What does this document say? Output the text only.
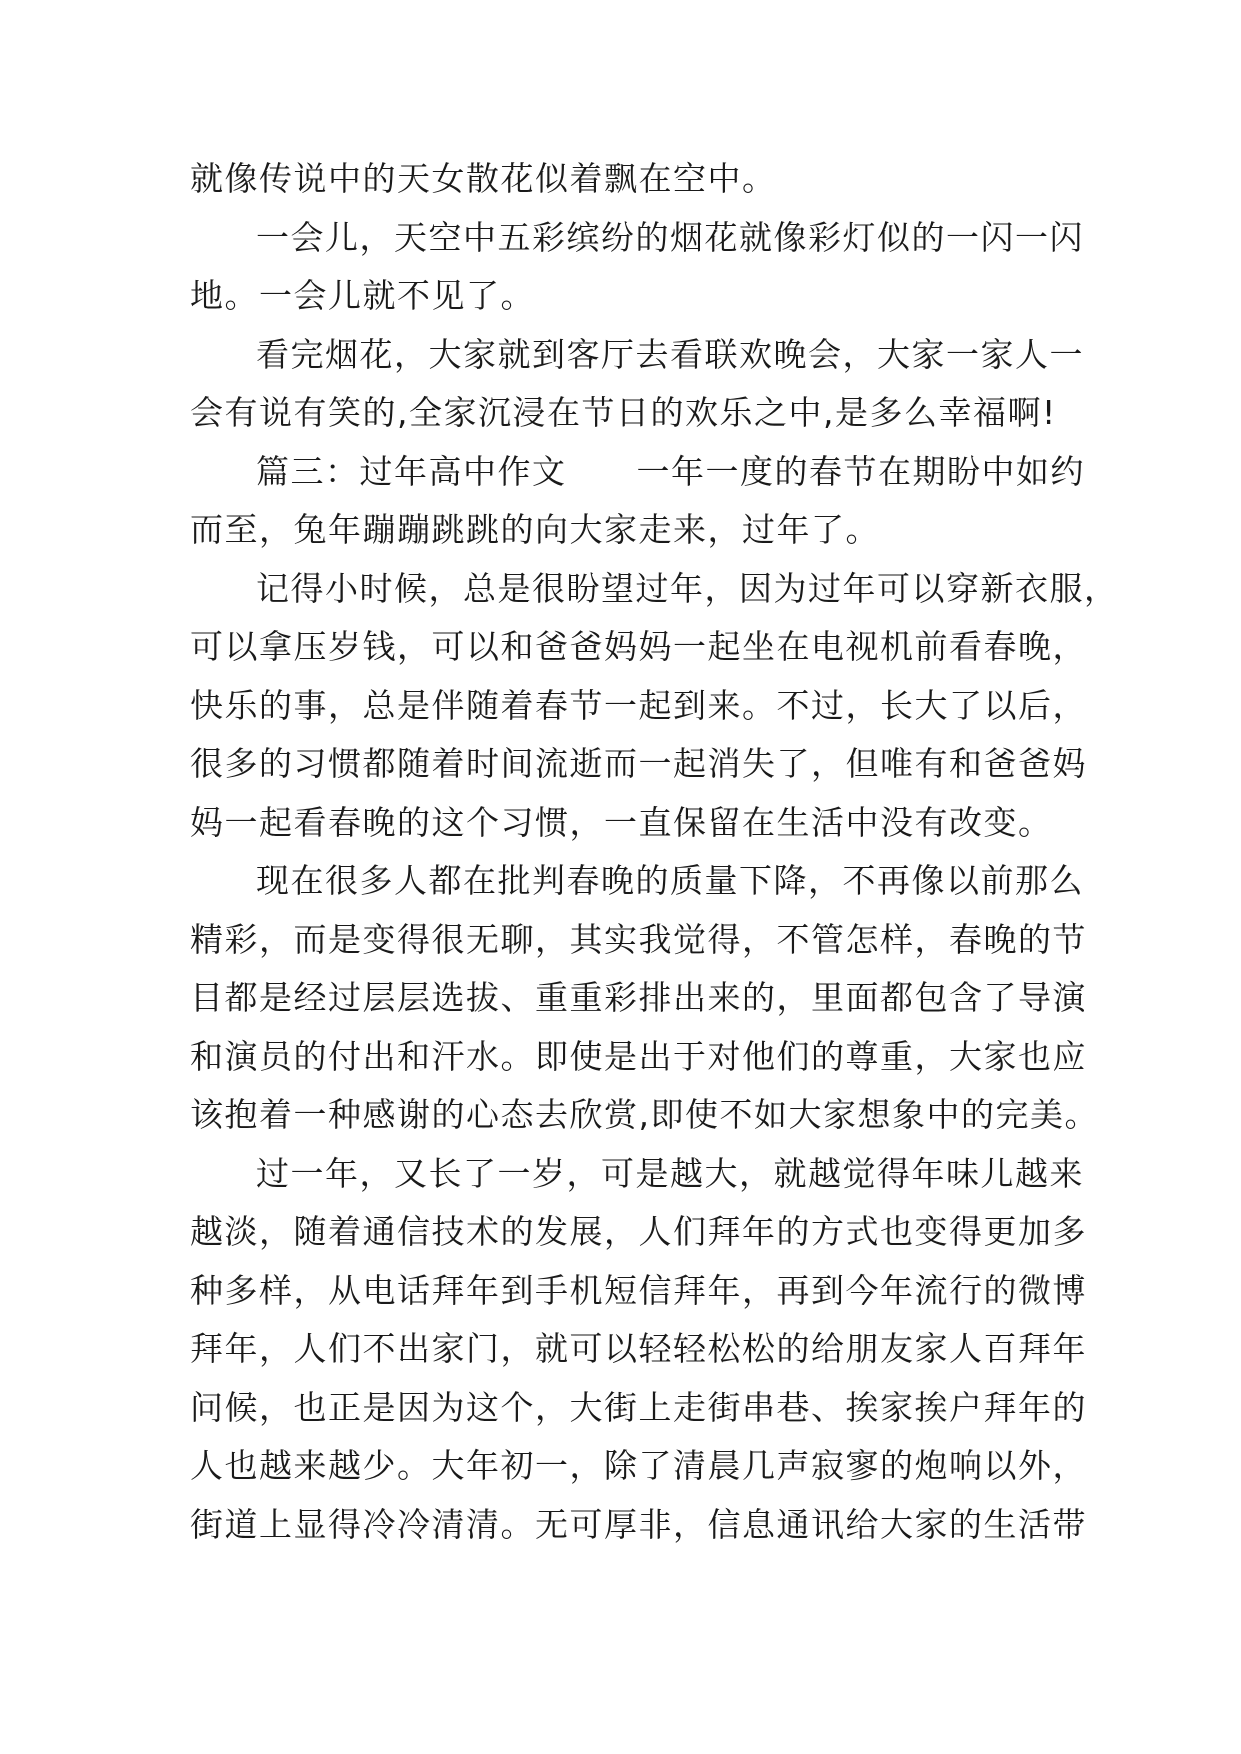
就像传说中的天女散花似着飘在空中。
一会儿，天空中五彩缤纷的烟花就像彩灯似的一闪一闪
地。一会儿就不见了。
看完烟花，大家就到客厅去看联欢晚会，大家一家人一
会有说有笑的,全家沉浸在节日的欢乐之中,是多么幸福啊!
篇三：过年高中作文 一年一度的春节在期盼中如约
而至，兔年蹦蹦跳跳的向大家走来，过年了。
记得小时候，总是很盼望过年，因为过年可以穿新衣服，
可以拿压岁钱，可以和爸爸妈妈一起坐在电视机前看春晚，
快乐的事，总是伴随着春节一起到来。不过，长大了以后，
很多的习惯都随着时间流逝而一起消失了，但唯有和爸爸妈
妈一起看春晚的这个习惯，一直保留在生活中没有改变。
现在很多人都在批判春晚的质量下降，不再像以前那么
精彩，而是变得很无聊，其实我觉得，不管怎样，春晚的节
目都是经过层层选拔、重重彩排出来的，里面都包含了导演
和演员的付出和汗水。即使是出于对他们的尊重，大家也应
该抱着一种感谢的心态去欣赏,即使不如大家想象中的完美。
过一年，又长了一岁，可是越大，就越觉得年味儿越来
越淡，随着通信技术的发展，人们拜年的方式也变得更加多
种多样，从电话拜年到手机短信拜年，再到今年流行的微博
拜年，人们不出家门，就可以轻轻松松的给朋友家人百拜年
问候，也正是因为这个，大街上走街串巷、挨家挨户拜年的
人也越来越少。大年初一，除了清晨几声寂寥的炮响以外，
街道上显得冷冷清清。无可厚非，信息通讯给大家的生活带
